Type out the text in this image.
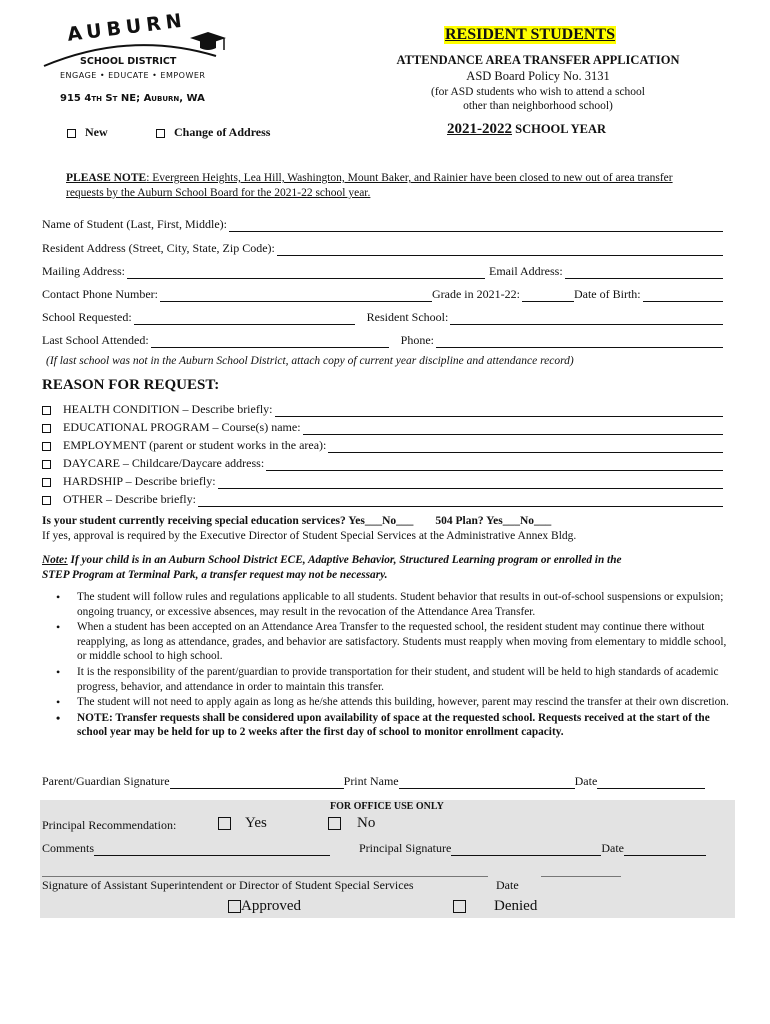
AUBURN
SCHOOL DISTRICT
ENGAGE • EDUCATE • EMPOWER
915 4th St NE; Auburn, WA
RESIDENT STUDENTS
ATTENDANCE AREA TRANSFER APPLICATION
ASD Board Policy No. 3131
(for ASD students who wish to attend a school
other than neighborhood school)
2021-2022 SCHOOL YEAR
New	Change of Address
PLEASE NOTE: Evergreen Heights, Lea Hill, Washington, Mount Baker, and Rainier have been closed to new out of area transfer
requests by the Auburn School Board for the 2021-22 school year.
Name of Student (Last, First, Middle):
Resident Address (Street, City, State, Zip Code):
Mailing Address:	Email Address:
Contact Phone Number:	Grade in 2021-22:	Date of Birth:
School Requested:	Resident School:
Last School Attended:	Phone:
(If last school was not in the Auburn School District, attach copy of current year discipline and attendance record)
REASON FOR REQUEST:
HEALTH CONDITION – Describe briefly:
EDUCATIONAL PROGRAM – Course(s) name:
EMPLOYMENT (parent or student works in the area):
DAYCARE – Childcare/Daycare address:
HARDSHIP – Describe briefly:
OTHER – Describe briefly:
Is your student currently receiving special education services? Yes___No___ 504 Plan? Yes___No___
If yes, approval is required by the Executive Director of Student Special Services at the Administrative Annex Bldg.
Note: If your child is in an Auburn School District ECE, Adaptive Behavior, Structured Learning program or enrolled in the
STEP Program at Terminal Park, a transfer request may not be necessary.
• The student will follow rules and regulations applicable to all students. Student behavior that results in out-of-school suspensions or expulsion; ongoing truancy, or excessive absences, may result in the revocation of the Attendance Area Transfer.
• When a student has been accepted on an Attendance Area Transfer to the requested school, the resident student may continue there without reapplying, as long as attendance, grades, and behavior are satisfactory. Students must reapply when moving from elementary to middle school, or middle school to high school.
• It is the responsibility of the parent/guardian to provide transportation for their student, and student will be held to high standards of academic progress, behavior, and attendance in order to maintain this transfer.
• The student will not need to apply again as long as he/she attends this building, however, parent may rescind the transfer at their own discretion.
• NOTE: Transfer requests shall be considered upon availability of space at the requested school. Requests received at the start of the school year may be held for up to 2 weeks after the first day of school to monitor enrollment capacity.
Parent/Guardian Signature	Print Name	Date
FOR OFFICE USE ONLY
Principal Recommendation:	Yes	No
Comments	Principal Signature	Date
Signature of Assistant Superintendent or Director of Student Special Services	Date
Approved	Denied
